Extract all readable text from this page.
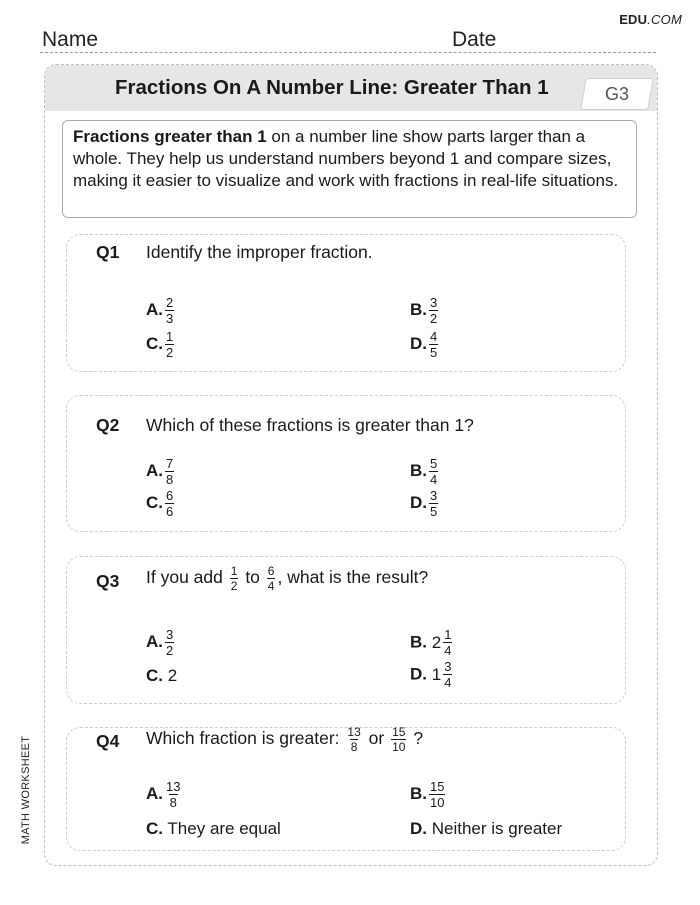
EDU.COM
Name	Date
MATH WORKSHEET
Fractions On A Number Line: Greater Than 1	G3
Fractions greater than 1 on a number line show parts larger than a whole. They help us understand numbers beyond 1 and compare sizes, making it easier to visualize and work with fractions in real-life situations.
Q1 Identify the improper fraction.
A. $\frac{2}{3}$	B. $\frac{3}{2}$
C. $\frac{1}{2}$	D. $\frac{4}{5}$
Q2 Which of these fractions is greater than 1?
A. $\frac{7}{8}$	B. $\frac{5}{4}$
C. $\frac{6}{6}$	D. $\frac{3}{5}$
Q3 If you add $\frac{1}{2}$ to $\frac{6}{4}$ , what is the result?
A. $\frac{3}{2}$	B. $2 \frac{1}{4}$
C. 2	D. $1 \frac{3}{4}$
Q4 Which fraction is greater: $\frac{13}{8}$ or $\frac{15}{10}$ ?
A. $\frac{13}{8}$	B. $\frac{15}{10}$
C. They are equal	D. Neither is greater
